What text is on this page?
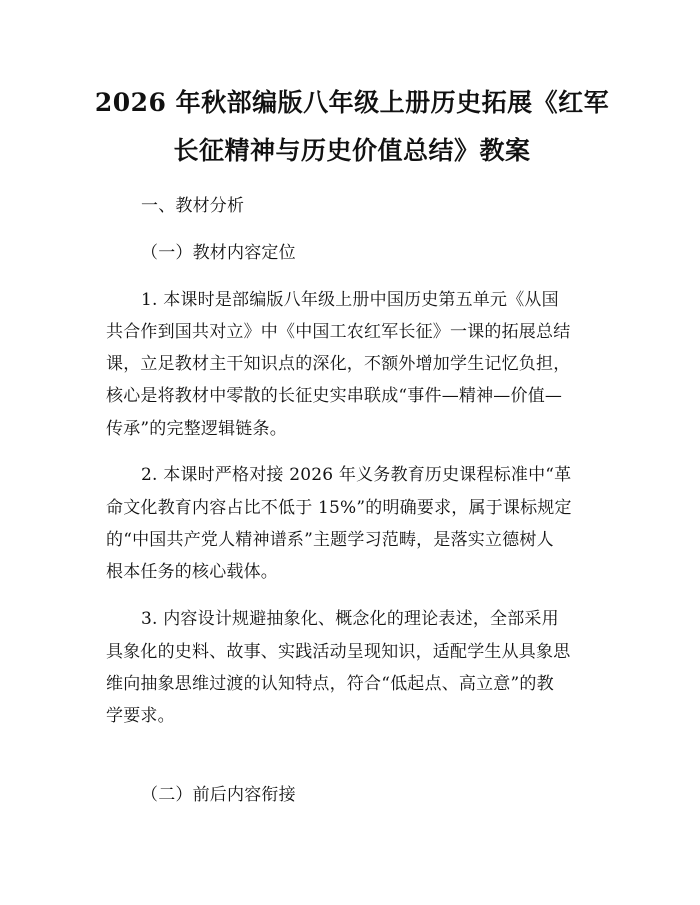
2026 年秋部编版八年级上册历史拓展《红军
长征精神与历史价值总结》教案
一、教材分析
（一）教材内容定位
1. 本课时是部编版八年级上册中国历史第五单元《从国
共合作到国共对立》中《中国工农红军长征》一课的拓展总结
课，立足教材主干知识点的深化，不额外增加学生记忆负担，
核心是将教材中零散的长征史实串联成“事件—精神—价值—
传承”的完整逻辑链条。
2. 本课时严格对接 2026 年义务教育历史课程标准中“革
命文化教育内容占比不低于 15%”的明确要求，属于课标规定
的“中国共产党人精神谱系”主题学习范畴，是落实立德树人
根本任务的核心载体。
3. 内容设计规避抽象化、概念化的理论表述，全部采用
具象化的史料、故事、实践活动呈现知识，适配学生从具象思
维向抽象思维过渡的认知特点，符合“低起点、高立意”的教
学要求。
（二）前后内容衔接
